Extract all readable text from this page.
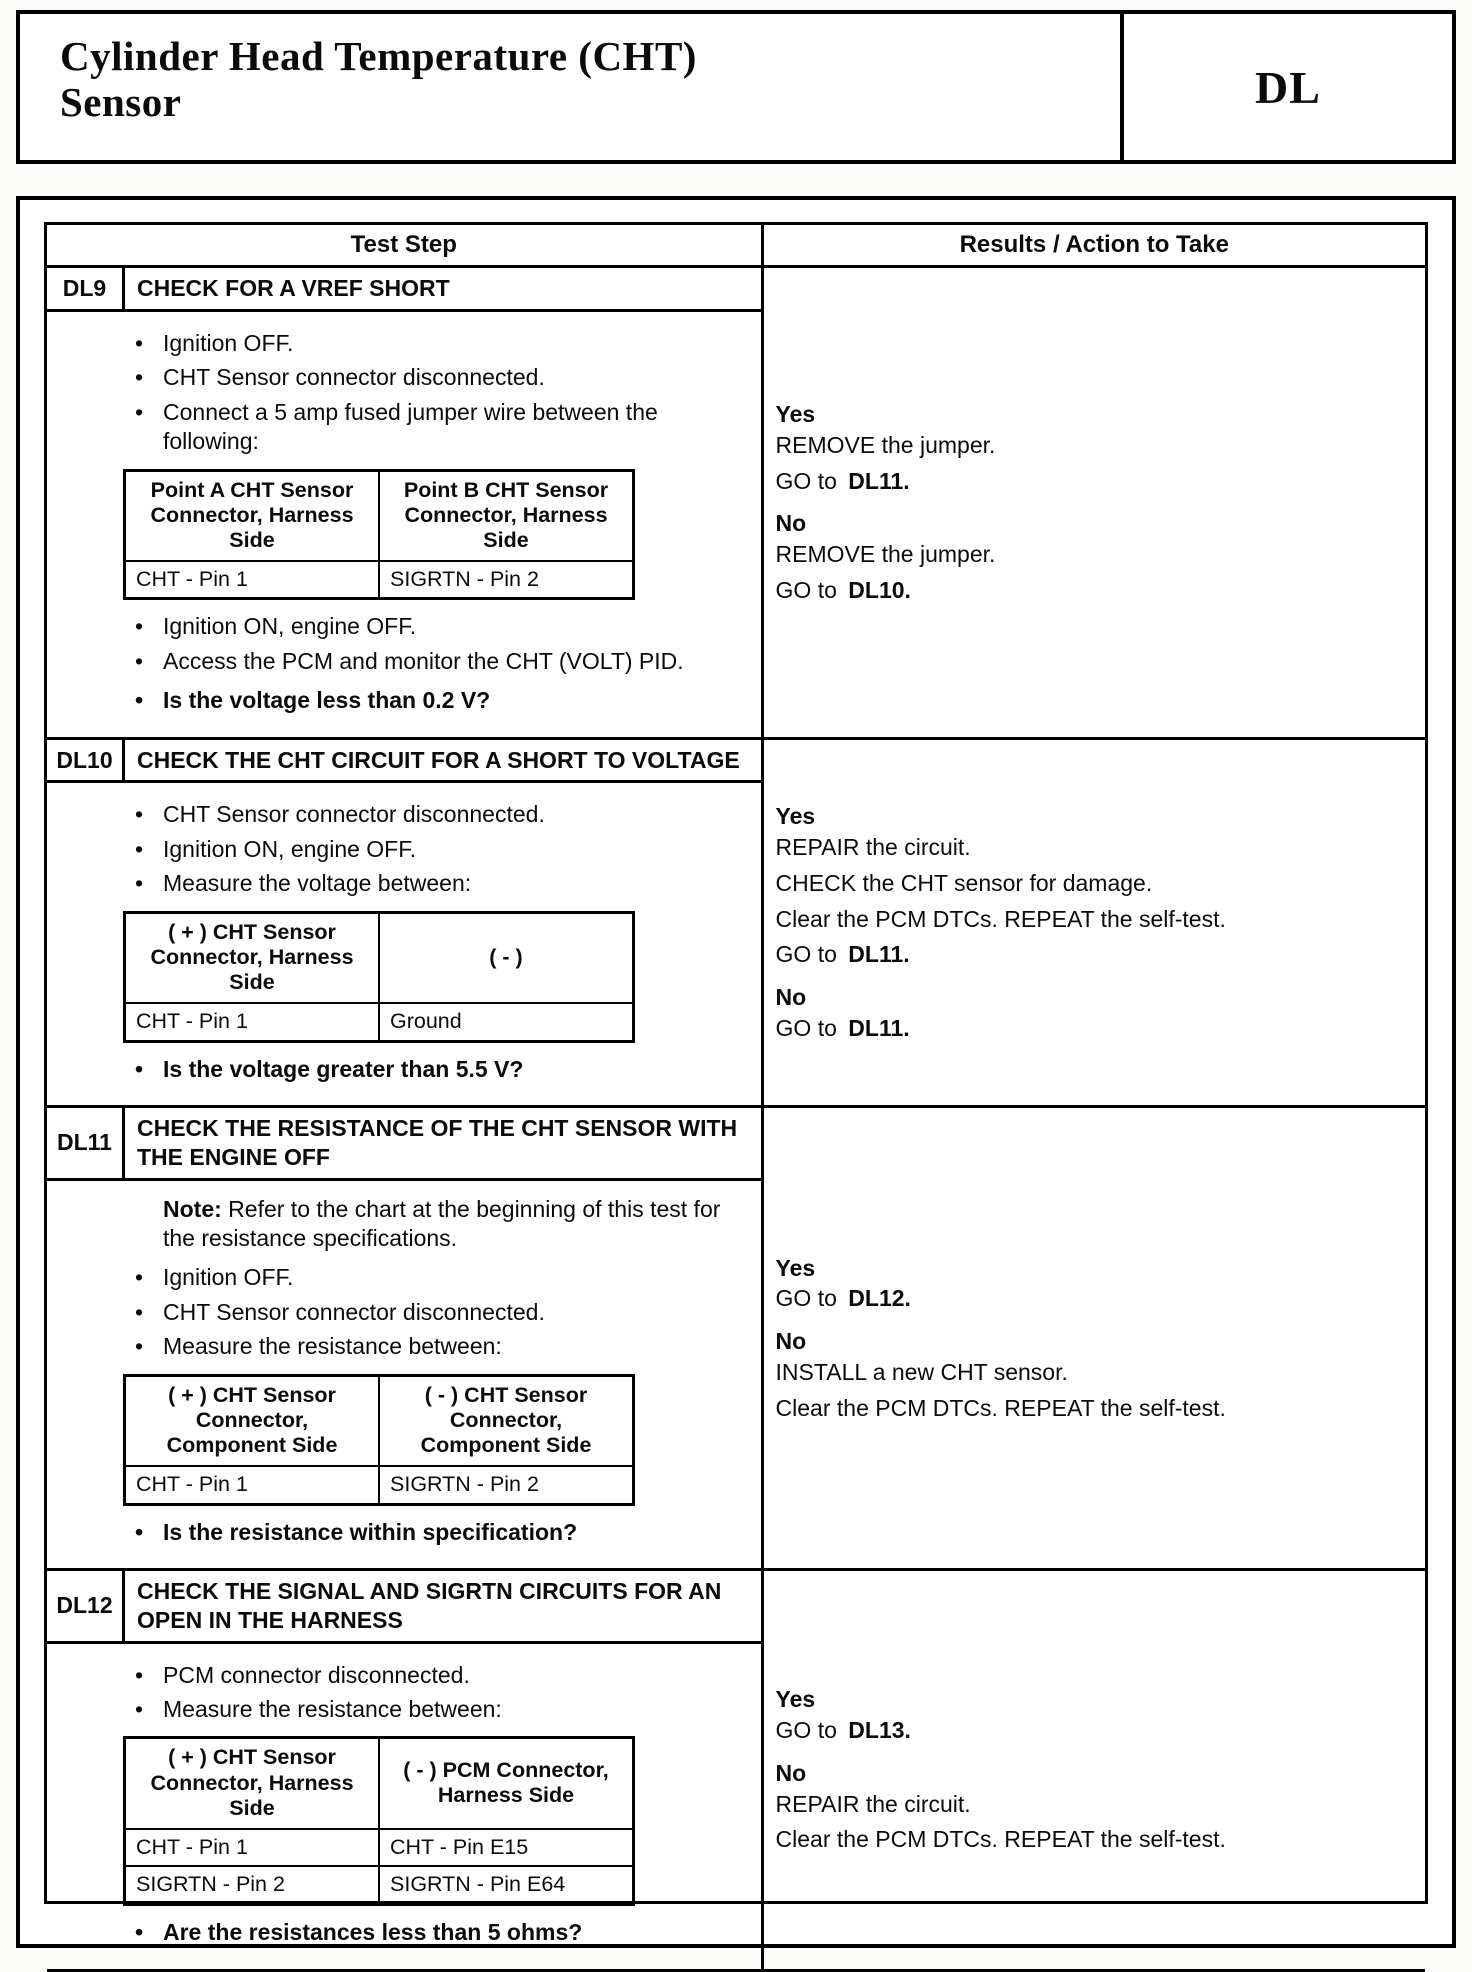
Cylinder Head Temperature (CHT) Sensor	DL
Test Step	Results / Action to Take
DL9	CHECK FOR A VREF SHORT
• Ignition OFF.
• CHT Sensor connector disconnected.
• Connect a 5 amp fused jumper wire between the following:
Point A CHT Sensor Connector, Harness Side	Point B CHT Sensor Connector, Harness Side
CHT - Pin 1	SIGRTN - Pin 2
• Ignition ON, engine OFF.
• Access the PCM and monitor the CHT (VOLT) PID.
• Is the voltage less than 0.2 V?
Yes

REMOVE the jumper.

GO to DL11.

No

REMOVE the jumper.

GO to DL10.

DL10	CHECK THE CHT CIRCUIT FOR A SHORT TO VOLTAGE
• CHT Sensor connector disconnected.
• Ignition ON, engine OFF.
• Measure the voltage between:
( + ) CHT Sensor Connector, Harness Side	( - )
CHT - Pin 1	Ground
• Is the voltage greater than 5.5 V?
Yes

REPAIR the circuit.

CHECK the CHT sensor for damage.

Clear the PCM DTCs. REPEAT the self-test.

GO to DL11.

No

GO to DL11.

DL11
CHECK THE RESISTANCE OF THE CHT SENSOR WITH THE ENGINE OFF
Note: Refer to the chart at the beginning of this test for the resistance specifications.
• Ignition OFF.
• CHT Sensor connector disconnected.
• Measure the resistance between:
( + ) CHT Sensor Connector, Component Side	( - ) CHT Sensor Connector, Component Side
CHT - Pin 1	SIGRTN - Pin 2
• Is the resistance within specification?
Yes

GO to DL12.

No

INSTALL a new CHT sensor.

Clear the PCM DTCs. REPEAT the self-test.

DL12
CHECK THE SIGNAL AND SIGRTN CIRCUITS FOR AN OPEN IN THE HARNESS
• PCM connector disconnected.
• Measure the resistance between:
( + ) CHT Sensor Connector, Harness Side	( - ) PCM Connector, Harness Side
CHT - Pin 1	CHT - Pin E15
SIGRTN - Pin 2	SIGRTN - Pin E64
• Are the resistances less than 5 ohms?
Yes

GO to DL13.

No

REPAIR the circuit.

Clear the PCM DTCs. REPEAT the self-test.
